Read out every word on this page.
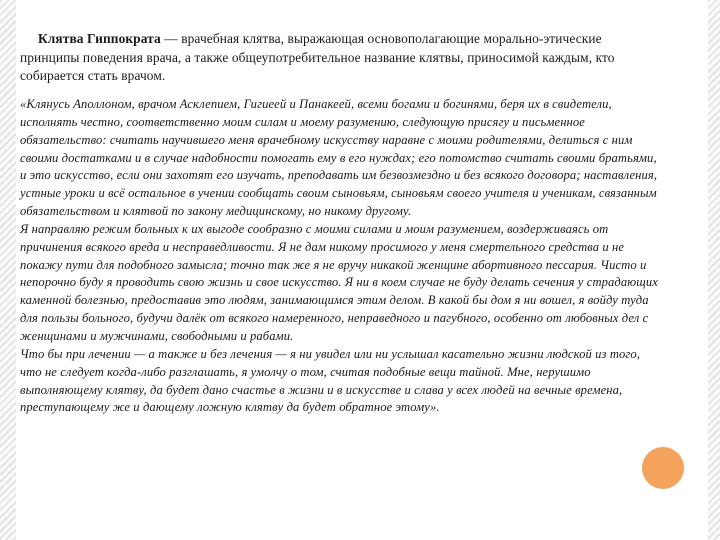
Клятва Гиппократа — врачебная клятва, выражающая основополагающие морально-этические принципы поведения врача, а также общеупотребительное название клятвы, приносимой каждым, кто собирается стать врачом.

«Клянусь Аполлоном, врачом Асклепием, Гигиеей и Панакеей, всеми богами и богинями, беря их в свидетели, исполнять честно, соответственно моим силам и моему разумению, следующую присягу и письменное обязательство: считать научившего меня врачебному искусству наравне с моими родителями, делиться с ним своими достатками и в случае надобности помогать ему в его нуждах; его потомство считать своими братьями, и это искусство, если они захотят его изучать, преподавать им безвозмездно и без всякого договора; наставления, устные уроки и всё остальное в учении сообщать своим сыновьям, сыновьям своего учителя и ученикам, связанным обязательством и клятвой по закону медицинскому, но никому другому.

Я направляю режим больных к их выгоде сообразно с моими силами и моим разумением, воздерживаясь от причинения всякого вреда и несправедливости. Я не дам никому просимого у меня смертельного средства и не покажу пути для подобного замысла; точно так же я не вручу никакой женщине абортивного пессария. Чисто и непорочно буду я проводить свою жизнь и свое искусство. Я ни в коем случае не буду делать сечения у страдающих каменной болезнью, предоставив это людям, занимающимся этим делом. В какой бы дом я ни вошел, я войду туда для пользы больного, будучи далёк от всякого намеренного, неправедного и пагубного, особенно от любовных дел с женщинами и мужчинами, свободными и рабами.

Что бы при лечении — а также и без лечения — я ни увидел или ни услышал касательно жизни людской из того, что не следует когда-либо разглашать, я умолчу о том, считая подобные вещи тайной. Мне, нерушимо выполняющему клятву, да будет дано счастье в жизни и в искусстве и слава у всех людей на вечные времена, преступающему же и дающему ложную клятву да будет обратное этому».
